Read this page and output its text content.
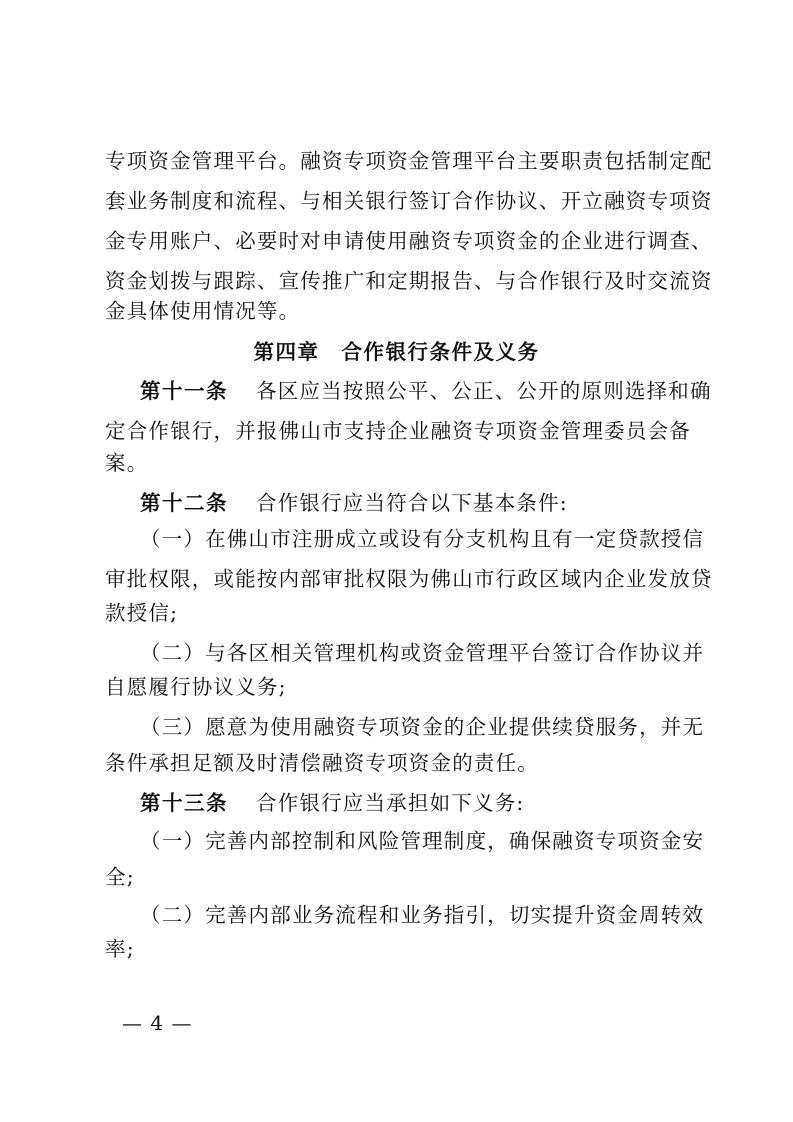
专项资金管理平台。融资专项资金管理平台主要职责包括制定配
套业务制度和流程、与相关银行签订合作协议、开立融资专项资
金专用账户、必要时对申请使用融资专项资金的企业进行调查、
资金划拨与跟踪、宣传推广和定期报告、与合作银行及时交流资
金具体使用情况等。
第四章　合作银行条件及义务
第十一条 各区应当按照公平、公正、公开的原则选择和确
定合作银行，并报佛山市支持企业融资专项资金管理委员会备
案。
第十二条 合作银行应当符合以下基本条件:
（一）在佛山市注册成立或设有分支机构且有一定贷款授信
审批权限，或能按内部审批权限为佛山市行政区域内企业发放贷
款授信;
（二）与各区相关管理机构或资金管理平台签订合作协议并
自愿履行协议义务;
（三）愿意为使用融资专项资金的企业提供续贷服务，并无
条件承担足额及时清偿融资专项资金的责任。
第十三条 合作银行应当承担如下义务:
（一）完善内部控制和风险管理制度，确保融资专项资金安
全;
（二）完善内部业务流程和业务指引，切实提升资金周转效
率;
— 4 —
